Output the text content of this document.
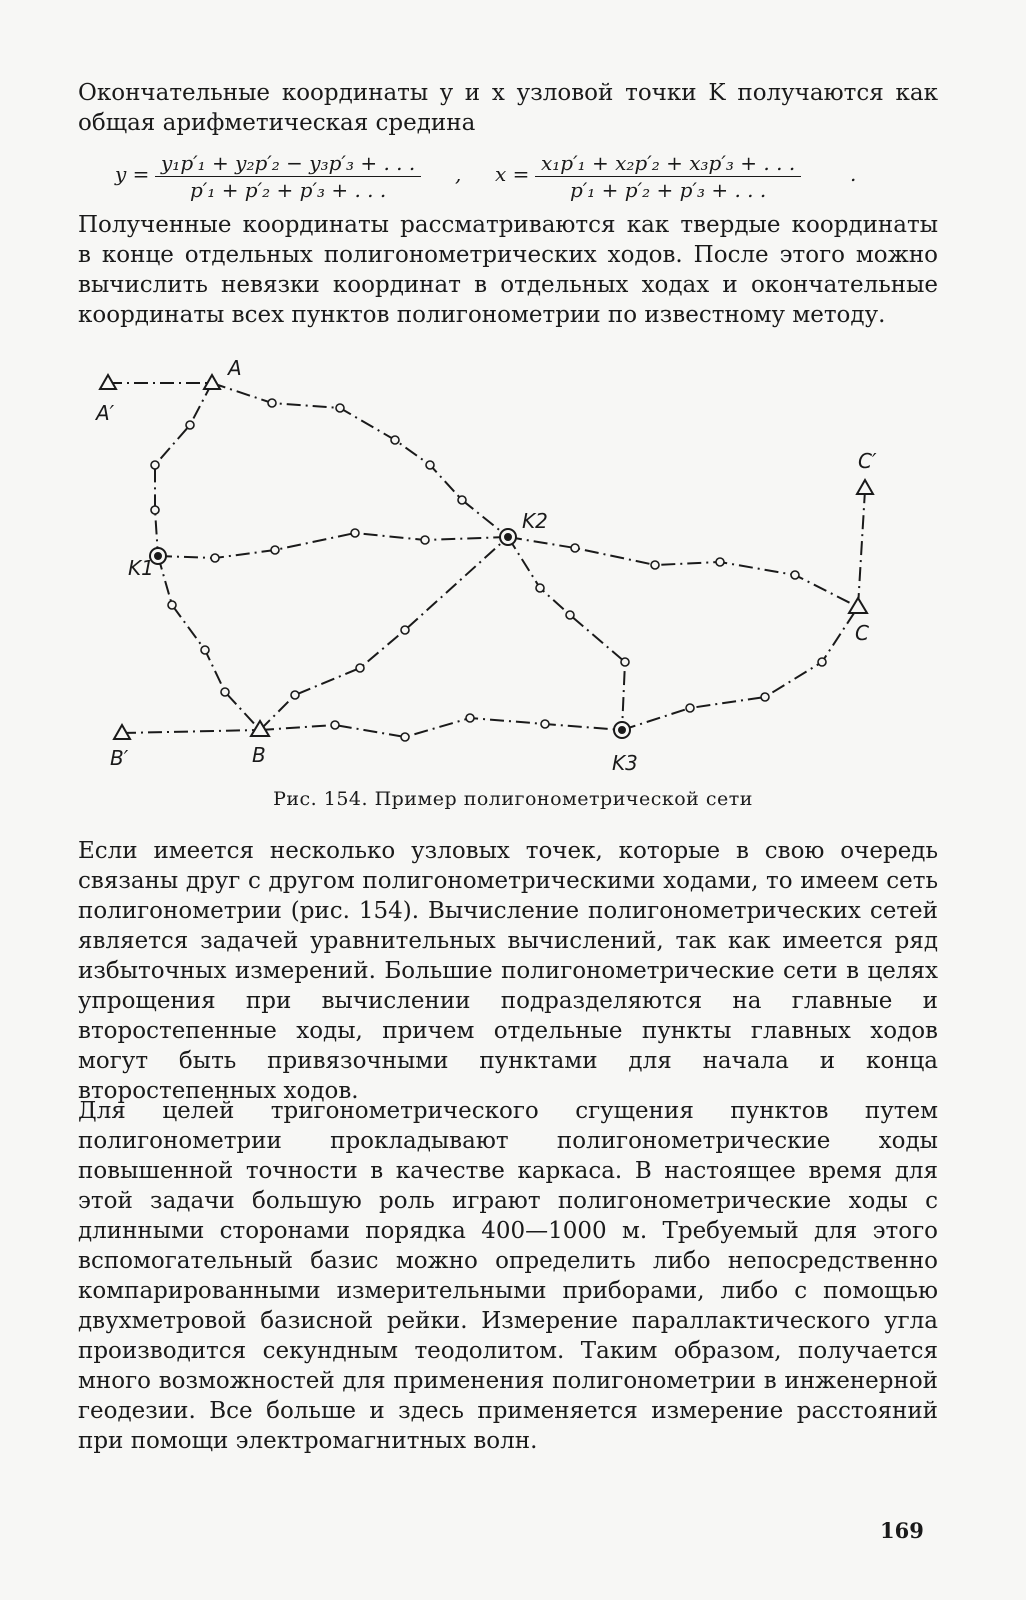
Окончательные координаты y и x узловой точки K получаются как общая арифметическая средина

$y = \frac{\text{y₁p′₁ + y₂p′₂ − y₃p′₃ + . . .}}{\text{p′₁ + p′₂ + p′₃ + . . .}}$ , $x = \frac{\text{x₁p′₁ + x₂p′₂ + x₃p′₃ + . . .}}{\text{p′₁ + p′₂ + p′₃ + . . .}}$ .

Полученные координаты рассматриваются как твердые координаты в конце отдельных полигонометрических ходов. После этого можно вычислить невязки координат в отдельных ходах и окончательные координаты всех пунктов полигонометрии по известному методу.

A
A′
K1
K2
K3
B′	B
C
C′
Рис. 154. Пример полигонометрической сети

Если имеется несколько узловых точек, которые в свою очередь связаны друг с другом полигонометрическими ходами, то имеем сеть полигонометрии (рис. 154). Вычисление полигонометрических сетей является задачей уравнительных вычислений, так как имеется ряд избыточных измерений. Большие полигонометрические сети в целях упрощения при вычислении подразделяются на главные и второстепенные ходы, причем отдельные пункты главных ходов могут быть привязочными пунктами для начала и конца второстепенных ходов.

Для целей тригонометрического сгущения пунктов путем полигонометрии прокладывают полигонометрические ходы повышенной точности в качестве каркаса. В настоящее время для этой задачи большую роль играют полигонометрические ходы с длинными сторонами порядка 400—1000 м. Требуемый для этого вспомогательный базис можно определить либо непосредственно компарированными измерительными приборами, либо с помощью двухметровой базисной рейки. Измерение параллактического угла производится секундным теодолитом. Таким образом, получается много возможностей для применения полигонометрии в инженерной геодезии. Все больше и здесь применяется измерение расстояний при помощи электромагнитных волн.

169
